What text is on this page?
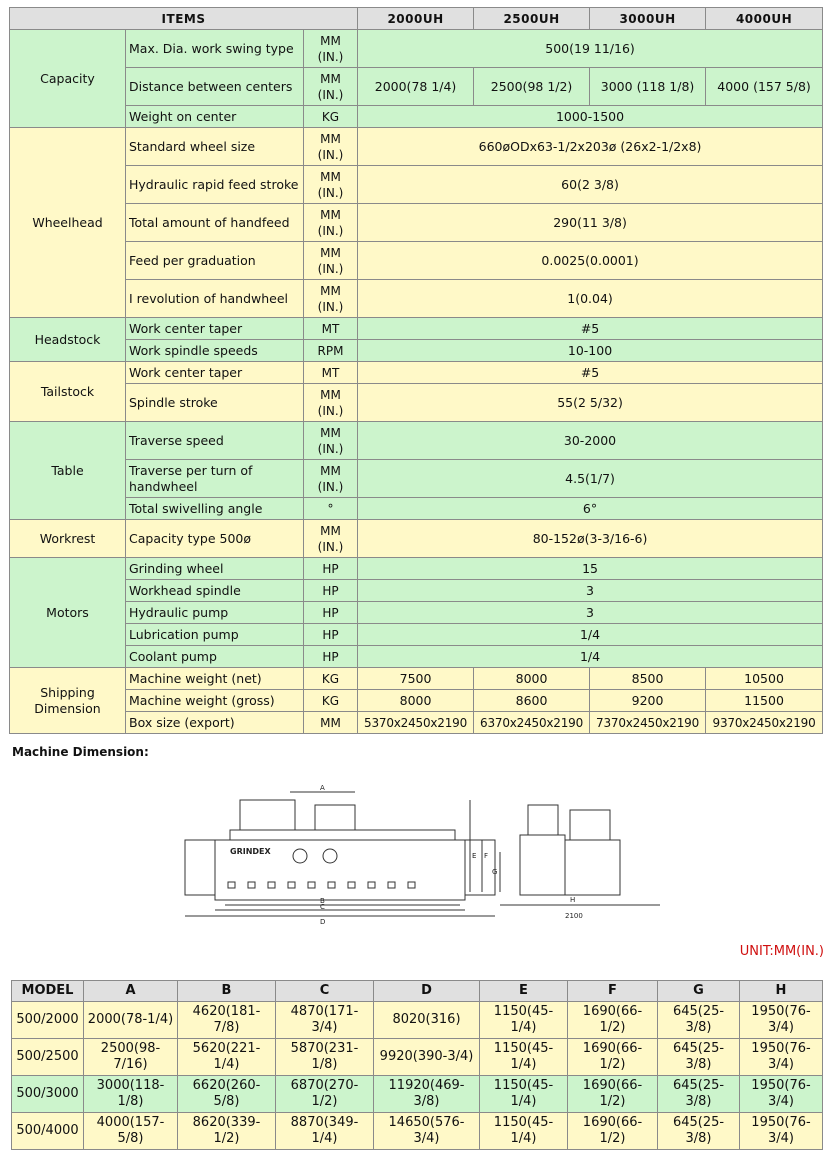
ITEMS			2000UH	2500UH	3000UH	4000UH
Capacity	Max. Dia. work swing type	MM (IN.)	500(19 11/16)			
	Distance between centers	MM (IN.)	2000(78 1/4)	2500(98 1/2)	3000 (118 1/8)	4000 (157 5/8)
	Weight on center	KG	1000-1500			
Wheelhead	Standard wheel size	MM (IN.)	660øODx63-1/2x203ø (26x2-1/2x8)			
	Hydraulic rapid feed stroke	MM (IN.)	60(2 3/8)			
	Total amount of handfeed	MM (IN.)	290(11 3/8)			
	Feed per graduation	MM (IN.)	0.0025(0.0001)			
	I revolution of handwheel	MM (IN.)	1(0.04)			
Headstock	Work center taper	MT	#5			
	Work spindle speeds	RPM	10-100			
Tailstock	Work center taper	MT	#5			
	Spindle stroke	MM (IN.)	55(2 5/32)			
Table	Traverse speed	MM (IN.)	30-2000			
	Traverse per turn of handwheel	MM (IN.)	4.5(1/7)			
	Total swivelling angle	°	6°			
Workrest	Capacity type 500ø	MM (IN.)	80-152ø(3-3/16-6)			
Motors	Grinding wheel	HP	15			
	Workhead spindle	HP	3			
	Hydraulic pump	HP	3			
	Lubrication pump	HP	1/4			
	Coolant pump	HP	1/4			
Shipping Dimension	Machine weight (net)	KG	7500	8000	8500	10500
	Machine weight (gross)	KG	8000	8600	9200	11500
	Box size (export)	MM	5370x2450x2190	6370x2450x2190	7370x2450x2190	9370x2450x2190
Machine Dimension:
GRINDEX
A
B
C
D
E F
G
H
2100
UNIT:MM(IN.)
MODEL	A	B	C	D	E	F	G	H
500/2000	2000(78-1/4)	4620(181-7/8)	4870(171-3/4)	8020(316)	1150(45-1/4)	1690(66-1/2)	645(25-3/8)	1950(76-3/4)
500/2500	2500(98-7/16)	5620(221-1/4)	5870(231-1/8)	9920(390-3/4)	1150(45-1/4)	1690(66-1/2)	645(25-3/8)	1950(76-3/4)
500/3000	3000(118-1/8)	6620(260-5/8)	6870(270-1/2)	11920(469-3/8)	1150(45-1/4)	1690(66-1/2)	645(25-3/8)	1950(76-3/4)
500/4000	4000(157-5/8)	8620(339-1/2)	8870(349-1/4)	14650(576-3/4)	1150(45-1/4)	1690(66-1/2)	645(25-3/8)	1950(76-3/4)
